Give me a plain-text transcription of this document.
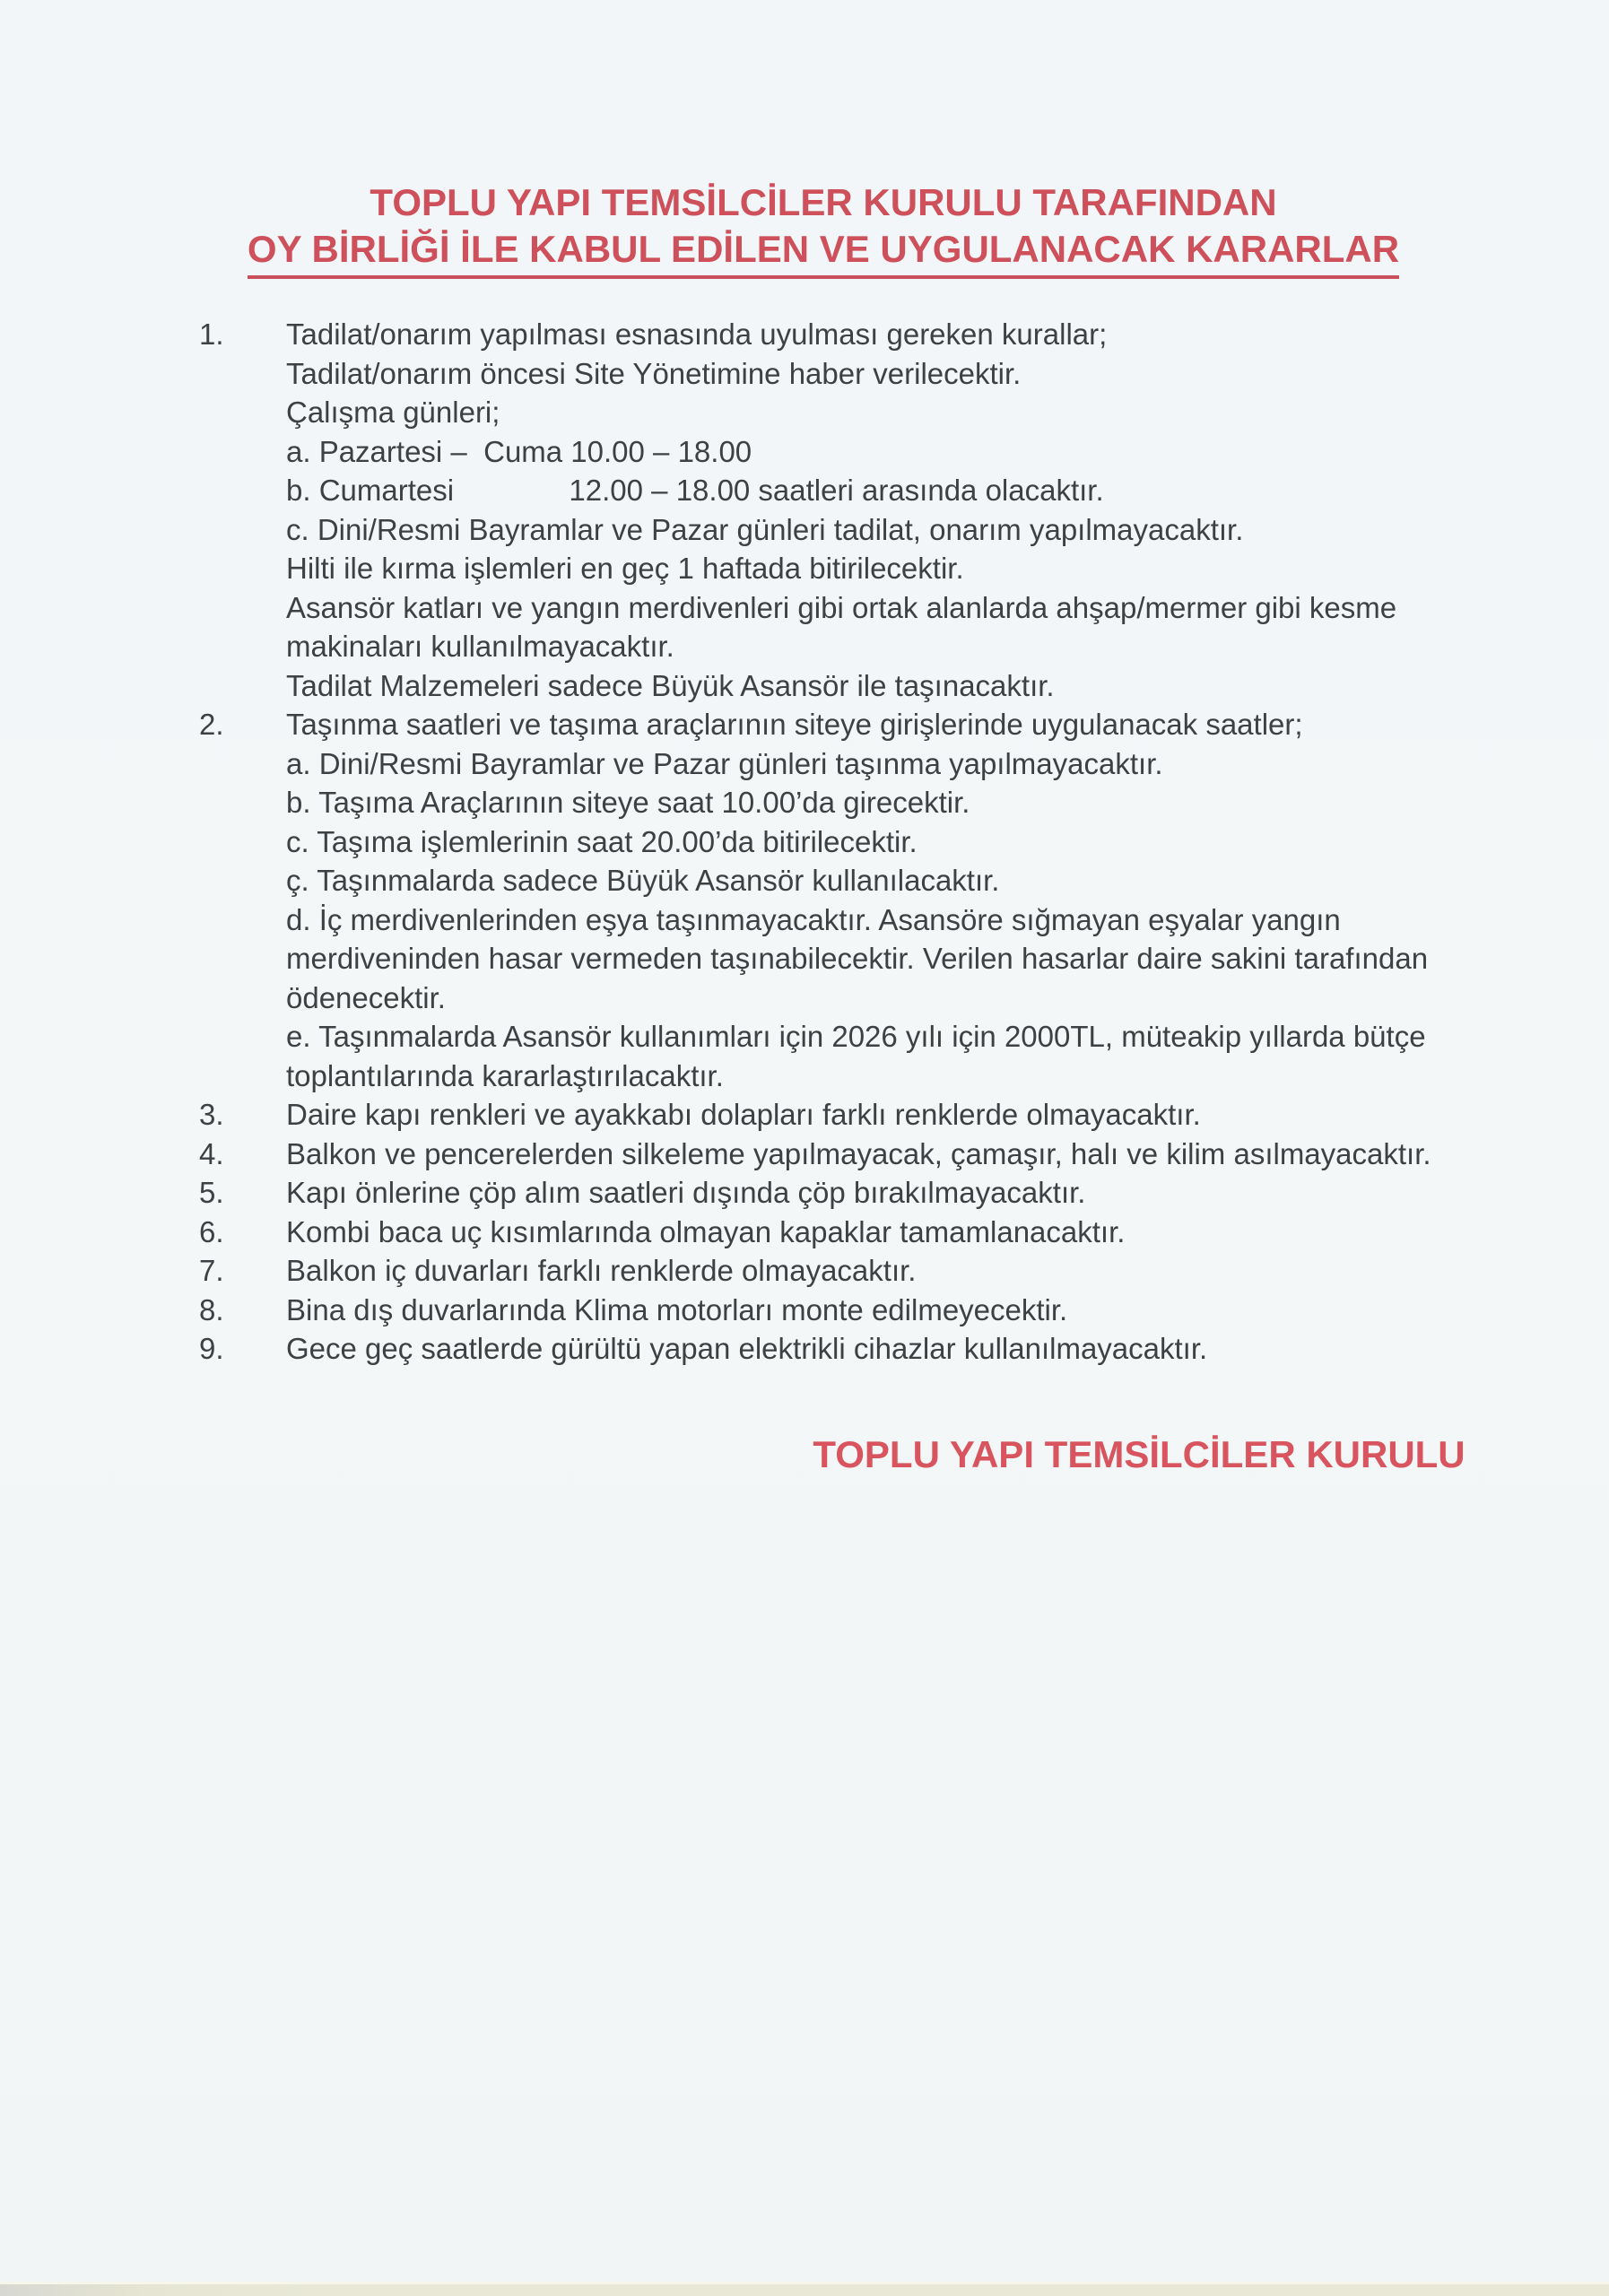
TOPLU YAPI TEMSİLCİLER KURULU TARAFINDAN
OY BİRLİĞİ İLE KABUL EDİLEN VE UYGULANACAK KARARLAR
1.	Tadilat/onarım yapılması esnasında uyulması gereken kurallar;
Tadilat/onarım öncesi Site Yönetimine haber verilecektir.
Çalışma günleri;
a. Pazartesi –  Cuma 10.00 – 18.00
b. Cumartesi              12.00 – 18.00 saatleri arasında olacaktır.
c. Dini/Resmi Bayramlar ve Pazar günleri tadilat, onarım yapılmayacaktır.
Hilti ile kırma işlemleri en geç 1 haftada bitirilecektir.
Asansör katları ve yangın merdivenleri gibi ortak alanlarda ahşap/mermer gibi kesme
makinaları kullanılmayacaktır.
Tadilat Malzemeleri sadece Büyük Asansör ile taşınacaktır.
2.	Taşınma saatleri ve taşıma araçlarının siteye girişlerinde uygulanacak saatler;
a. Dini/Resmi Bayramlar ve Pazar günleri taşınma yapılmayacaktır.
b. Taşıma Araçlarının siteye saat 10.00’da girecektir.
c. Taşıma işlemlerinin saat 20.00’da bitirilecektir.
ç. Taşınmalarda sadece Büyük Asansör kullanılacaktır.
d. İç merdivenlerinden eşya taşınmayacaktır. Asansöre sığmayan eşyalar yangın
merdiveninden hasar vermeden taşınabilecektir. Verilen hasarlar daire sakini tarafından
ödenecektir.
e. Taşınmalarda Asansör kullanımları için 2026 yılı için 2000TL, müteakip yıllarda bütçe
toplantılarında kararlaştırılacaktır.
3.	Daire kapı renkleri ve ayakkabı dolapları farklı renklerde olmayacaktır.
4.	Balkon ve pencerelerden silkeleme yapılmayacak, çamaşır, halı ve kilim asılmayacaktır.
5.	Kapı önlerine çöp alım saatleri dışında çöp bırakılmayacaktır.
6.	Kombi baca uç kısımlarında olmayan kapaklar tamamlanacaktır.
7.	Balkon iç duvarları farklı renklerde olmayacaktır.
8.	Bina dış duvarlarında Klima motorları monte edilmeyecektir.
9.	Gece geç saatlerde gürültü yapan elektrikli cihazlar kullanılmayacaktır.
TOPLU YAPI TEMSİLCİLER KURULU
